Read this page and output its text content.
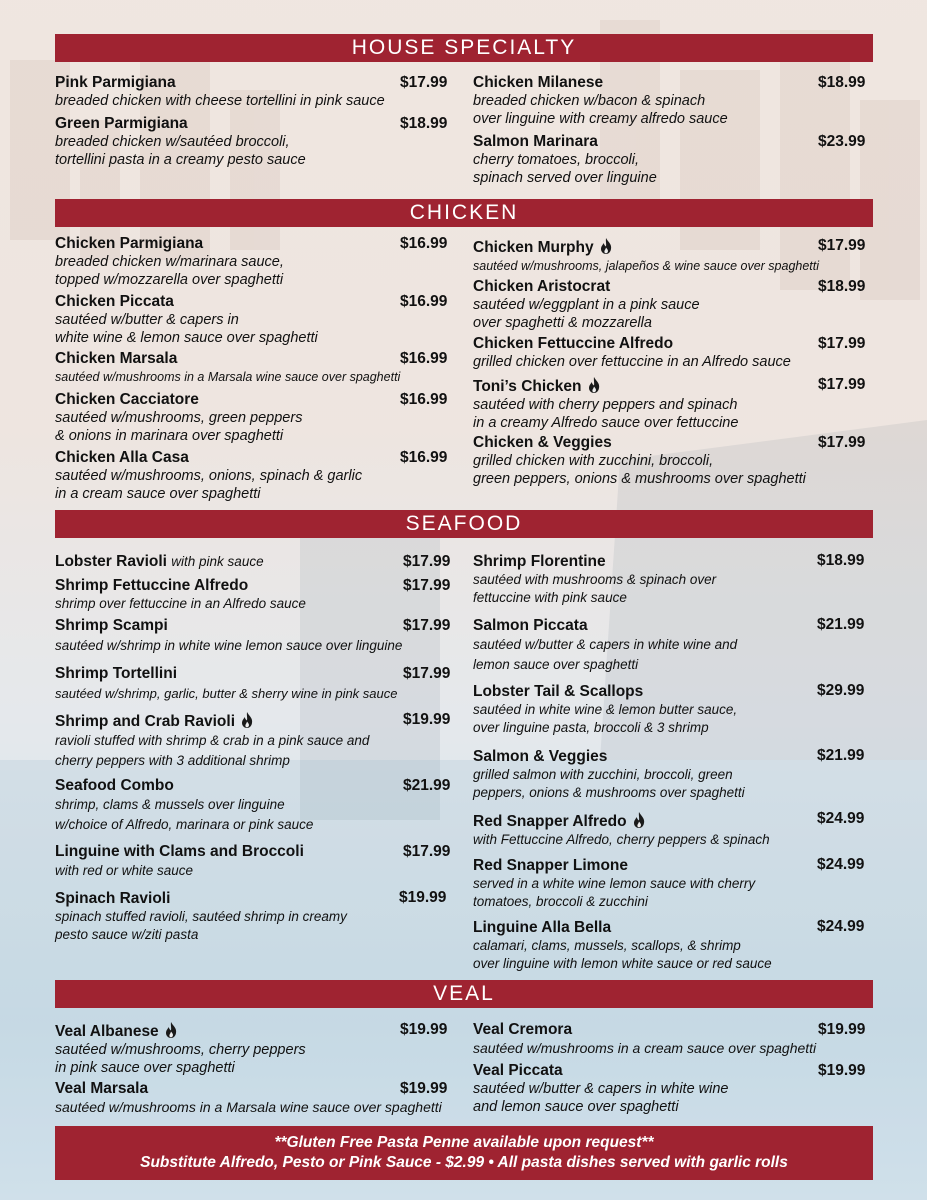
HOUSE SPECIALTY
CHICKEN
SEAFOOD
VEAL
Pink Parmigiana
breaded chicken with cheese tortellini in pink sauce
$17.99
Green Parmigiana
breaded chicken w/sautéed broccoli,
tortellini pasta in a creamy pesto sauce
$18.99
Chicken Milanese
breaded chicken w/bacon & spinach
over linguine with creamy alfredo sauce
$18.99
Salmon Marinara
cherry tomatoes, broccoli,
spinach served over linguine
$23.99
Chicken Parmigiana
breaded chicken w/marinara sauce,
topped w/mozzarella over spaghetti
$16.99
Chicken Piccata
sautéed w/butter & capers in
white wine & lemon sauce over spaghetti
$16.99
Chicken Marsala
sautéed w/mushrooms in a Marsala wine sauce over spaghetti
$16.99
Chicken Cacciatore
sautéed w/mushrooms, green peppers
& onions in marinara over spaghetti
$16.99
Chicken Alla Casa
sautéed w/mushrooms, onions, spinach & garlic
in a cream sauce over spaghetti
$16.99
Chicken Murphy
sautéed w/mushrooms, jalapeños & wine sauce over spaghetti
$17.99
Chicken Aristocrat
sautéed w/eggplant in a pink sauce
over spaghetti & mozzarella
$18.99
Chicken Fettuccine Alfredo
grilled chicken over fettuccine in an Alfredo sauce
$17.99
Toni’s Chicken
sautéed with cherry peppers and spinach
in a creamy Alfredo sauce over fettuccine
$17.99
Chicken & Veggies
grilled chicken with zucchini, broccoli,
green peppers, onions & mushrooms over spaghetti
$17.99
Lobster Ravioli with pink sauce	$17.99
Shrimp Fettuccine Alfredo
shrimp over fettuccine in an Alfredo sauce
$17.99
Shrimp Scampi
sautéed w/shrimp in white wine lemon sauce over linguine
$17.99
Shrimp Tortellini
sautéed w/shrimp, garlic, butter & sherry wine in pink sauce
$17.99
Shrimp and Crab Ravioli
ravioli stuffed with shrimp & crab in a pink sauce and
cherry peppers with 3 additional shrimp
$19.99
Seafood Combo
shrimp, clams & mussels over linguine
w/choice of Alfredo, marinara or pink sauce
$21.99
Linguine with Clams and Broccoli
with red or white sauce
$17.99
Spinach Ravioli
spinach stuffed ravioli, sautéed shrimp in creamy
pesto sauce w/ziti pasta
$19.99
Shrimp Florentine
sautéed with mushrooms & spinach over
fettuccine with pink sauce
$18.99
Salmon Piccata
sautéed w/butter & capers in white wine and
lemon sauce over spaghetti
$21.99
Lobster Tail & Scallops
sautéed in white wine & lemon butter sauce,
over linguine pasta, broccoli & 3 shrimp
$29.99
Salmon & Veggies
grilled salmon with zucchini, broccoli, green
peppers, onions & mushrooms over spaghetti
$21.99
Red Snapper Alfredo
with Fettuccine Alfredo, cherry peppers & spinach
$24.99
Red Snapper Limone
served in a white wine lemon sauce with cherry
tomatoes, broccoli & zucchini
$24.99
Linguine Alla Bella
calamari, clams, mussels, scallops, & shrimp
over linguine with lemon white sauce or red sauce
$24.99
Veal Albanese
sautéed w/mushrooms, cherry peppers
in pink sauce over spaghetti
$19.99
Veal Marsala
sautéed w/mushrooms in a Marsala wine sauce over spaghetti
$19.99
Veal Cremora
sautéed w/mushrooms in a cream sauce over spaghetti
$19.99
Veal Piccata
sautéed w/butter & capers in white wine
and lemon sauce over spaghetti
$19.99
**Gluten Free Pasta Penne available upon request**
Substitute Alfredo, Pesto or Pink Sauce - $2.99 • All pasta dishes served with garlic rolls
